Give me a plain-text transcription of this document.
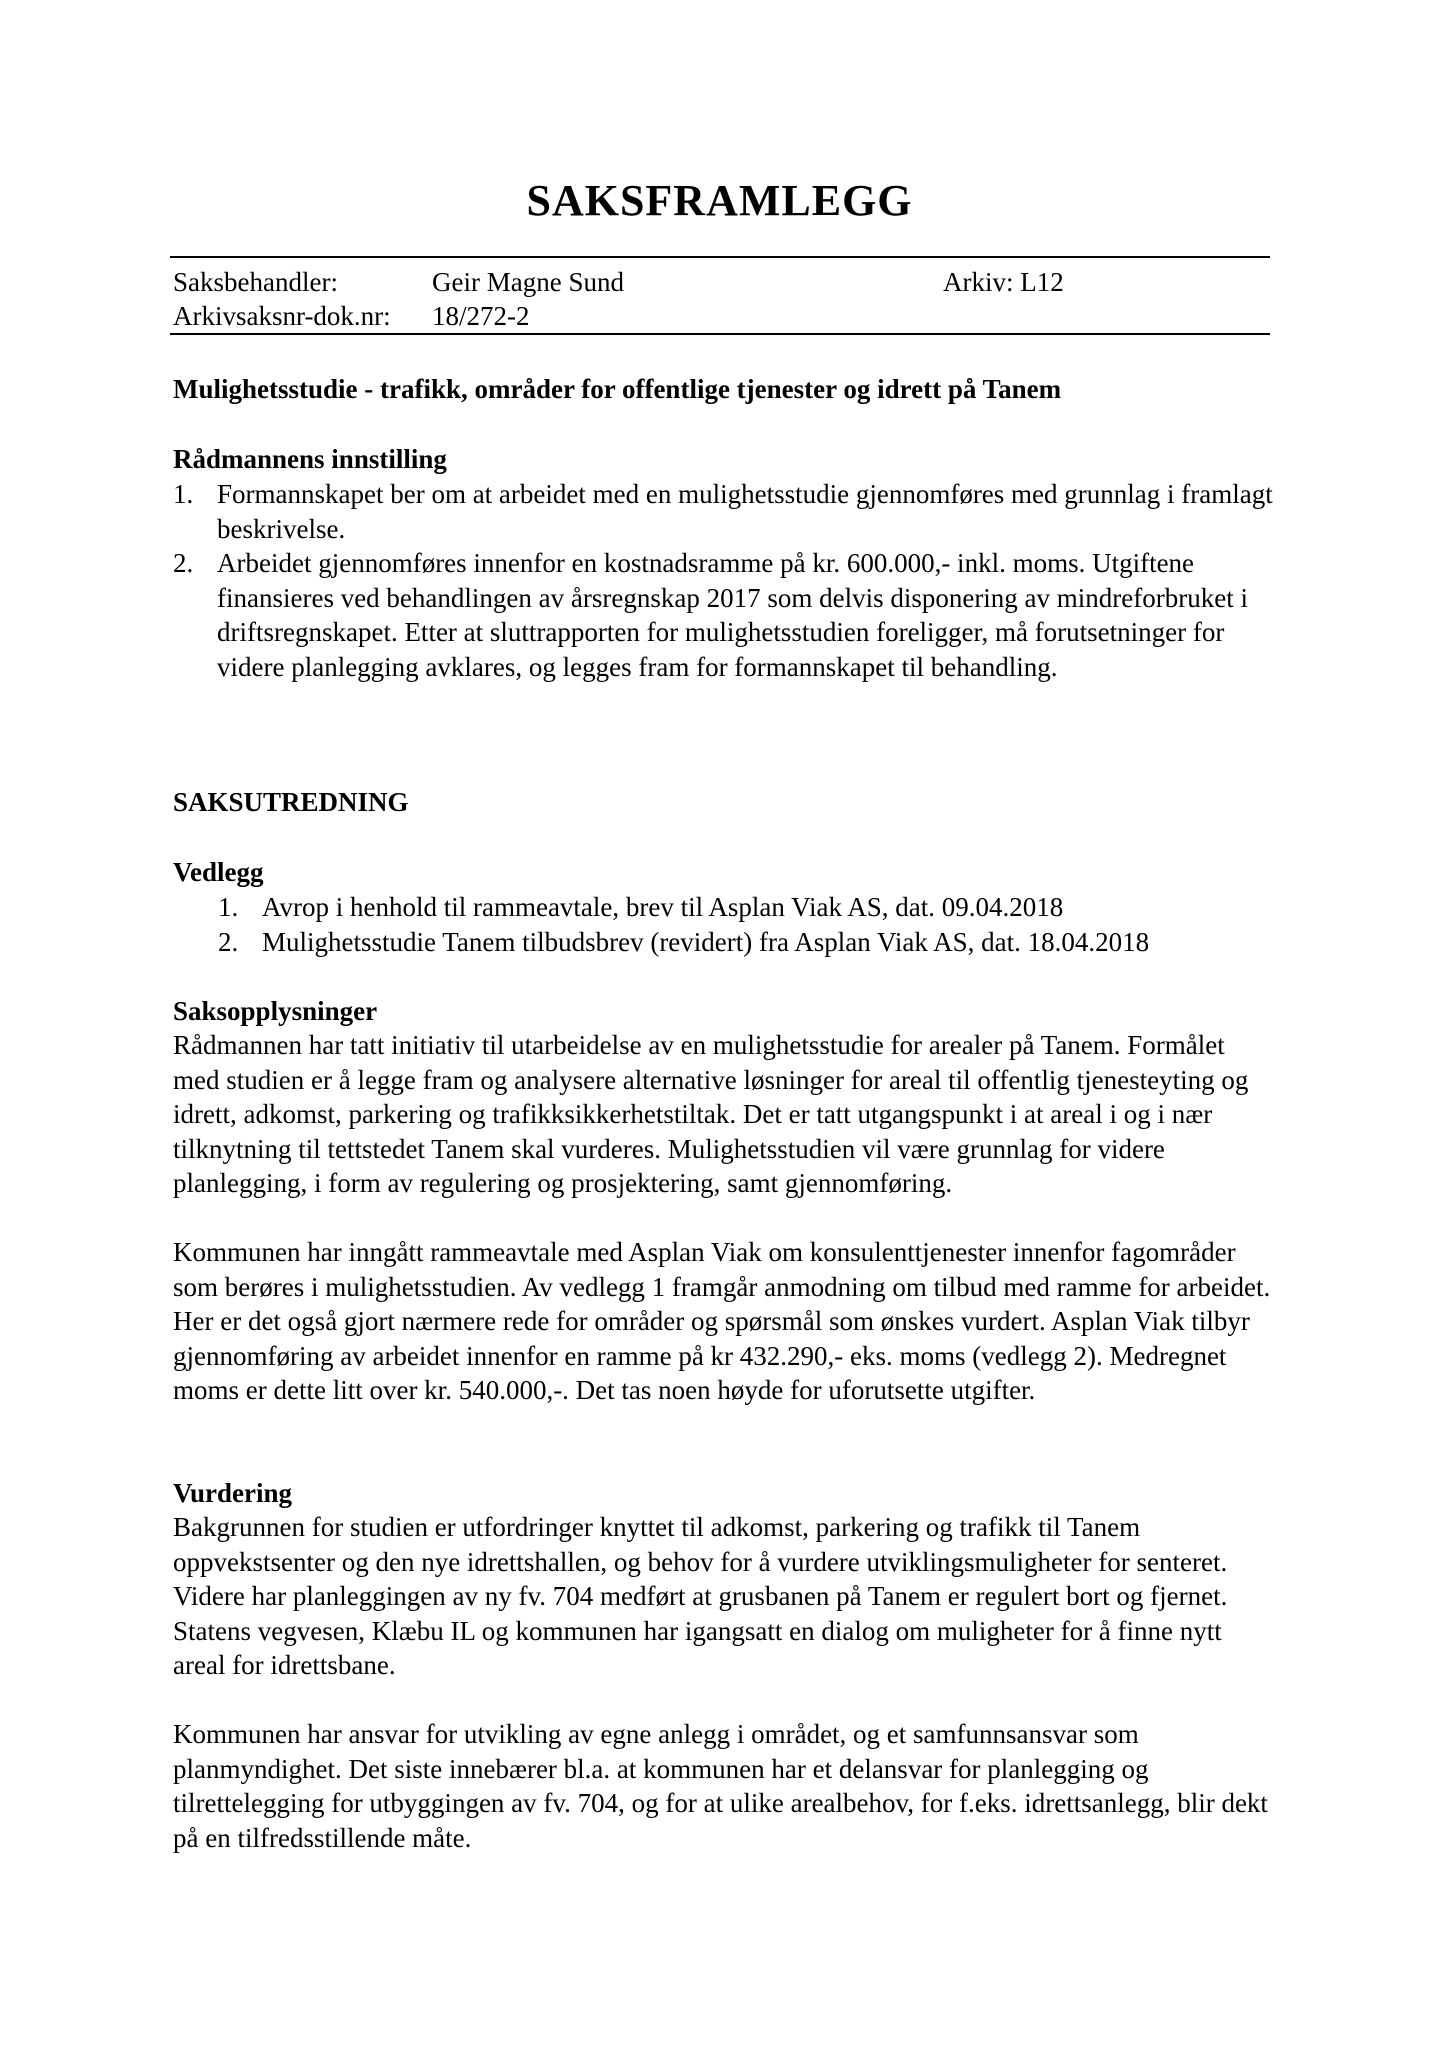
SAKSFRAMLEGG
Saksbehandler:	Geir Magne Sund	Arkiv: L12
Arkivsaksnr-dok.nr: 18/272-2
Mulighetsstudie - trafikk, områder for offentlige tjenester og idrett på Tanem
Rådmannens innstilling
1. Formannskapet ber om at arbeidet med en mulighetsstudie gjennomføres med grunnlag i framlagt beskrivelse.
2. Arbeidet gjennomføres innenfor en kostnadsramme på kr. 600.000,- inkl. moms. Utgiftene finansieres ved behandlingen av årsregnskap 2017 som delvis disponering av mindreforbruket i driftsregnskapet. Etter at sluttrapporten for mulighetsstudien foreligger, må forutsetninger for videre planlegging avklares, og legges fram for formannskapet til behandling.
SAKSUTREDNING
Vedlegg
1. Avrop i henhold til rammeavtale, brev til Asplan Viak AS, dat. 09.04.2018
2. Mulighetsstudie Tanem tilbudsbrev (revidert) fra Asplan Viak AS, dat. 18.04.2018
Saksopplysninger

Rådmannen har tatt initiativ til utarbeidelse av en mulighetsstudie for arealer på Tanem. Formålet med studien er å legge fram og analysere alternative løsninger for areal til offentlig tjenesteyting og idrett, adkomst, parkering og trafikksikkerhetstiltak. Det er tatt utgangspunkt i at areal i og i nær tilknytning til tettstedet Tanem skal vurderes. Mulighetsstudien vil være grunnlag for videre planlegging, i form av regulering og prosjektering, samt gjennomføring.

Kommunen har inngått rammeavtale med Asplan Viak om konsulenttjenester innenfor fagområder som berøres i mulighetsstudien. Av vedlegg 1 framgår anmodning om tilbud med ramme for arbeidet. Her er det også gjort nærmere rede for områder og spørsmål som ønskes vurdert. Asplan Viak tilbyr gjennomføring av arbeidet innenfor en ramme på kr 432.290,- eks. moms (vedlegg 2). Medregnet moms er dette litt over kr. 540.000,-. Det tas noen høyde for uforutsette utgifter.

Vurdering

Bakgrunnen for studien er utfordringer knyttet til adkomst, parkering og trafikk til Tanem oppvekstsenter og den nye idrettshallen, og behov for å vurdere utviklingsmuligheter for senteret. Videre har planleggingen av ny fv. 704 medført at grusbanen på Tanem er regulert bort og fjernet. Statens vegvesen, Klæbu IL og kommunen har igangsatt en dialog om muligheter for å finne nytt areal for idrettsbane.

Kommunen har ansvar for utvikling av egne anlegg i området, og et samfunnsansvar som planmyndighet. Det siste innebærer bl.a. at kommunen har et delansvar for planlegging og tilrettelegging for utbyggingen av fv. 704, og for at ulike arealbehov, for f.eks. idrettsanlegg, blir dekt på en tilfredsstillende måte.
